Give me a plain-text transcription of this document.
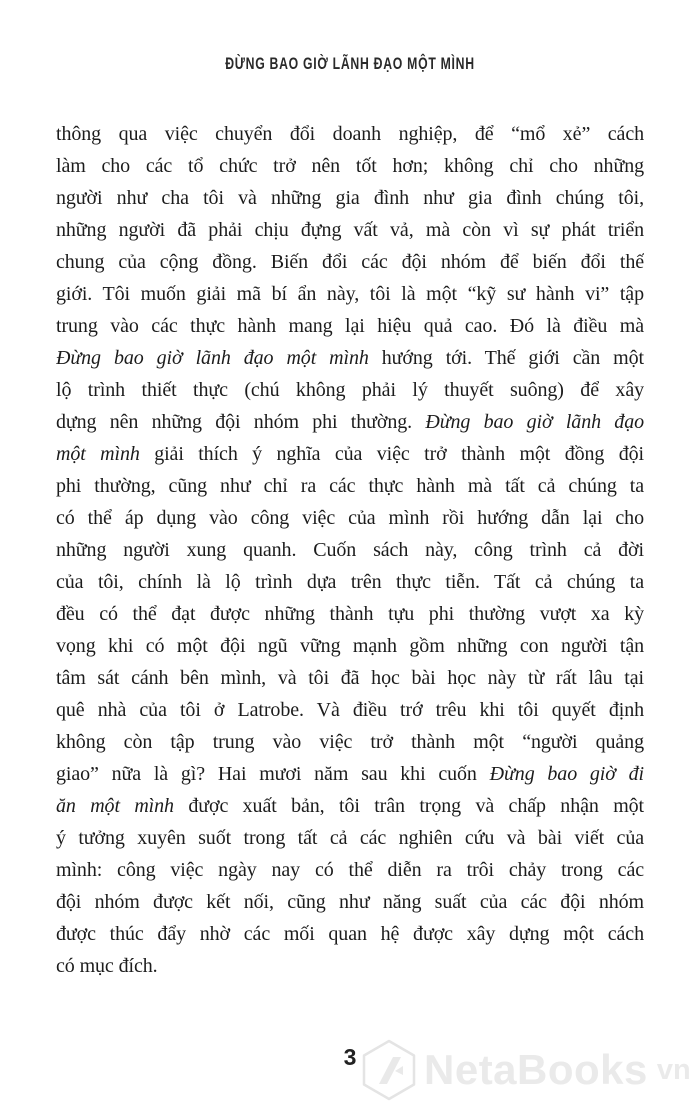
ĐỪNG BAO GIỜ LÃNH ĐẠO MỘT MÌNH
thông qua việc chuyển đổi doanh nghiệp, để “mổ xẻ” cách
làm cho các tổ chức trở nên tốt hơn; không chỉ cho những
người như cha tôi và những gia đình như gia đình chúng tôi,
những người đã phải chịu đựng vất vả, mà còn vì sự phát triển
chung của cộng đồng. Biến đổi các đội nhóm để biến đổi thế
giới. Tôi muốn giải mã bí ẩn này, tôi là một “kỹ sư hành vi” tập
trung vào các thực hành mang lại hiệu quả cao. Đó là điều mà
Đừng bao giờ lãnh đạo một mình hướng tới. Thế giới cần một
lộ trình thiết thực (chú không phải lý thuyết suông) để xây
dựng nên những đội nhóm phi thường. Đừng bao giờ lãnh đạo
một mình giải thích ý nghĩa của việc trở thành một đồng đội
phi thường, cũng như chỉ ra các thực hành mà tất cả chúng ta
có thể áp dụng vào công việc của mình rồi hướng dẫn lại cho
những người xung quanh. Cuốn sách này, công trình cả đời
của tôi, chính là lộ trình dựa trên thực tiễn. Tất cả chúng ta
đều có thể đạt được những thành tựu phi thường vượt xa kỳ
vọng khi có một đội ngũ vững mạnh gồm những con người tận
tâm sát cánh bên mình, và tôi đã học bài học này từ rất lâu tại
quê nhà của tôi ở Latrobe. Và điều trớ trêu khi tôi quyết định
không còn tập trung vào việc trở thành một “người quảng
giao” nữa là gì? Hai mươi năm sau khi cuốn Đừng bao giờ đi
ăn một mình được xuất bản, tôi trân trọng và chấp nhận một
ý tưởng xuyên suốt trong tất cả các nghiên cứu và bài viết của
mình: công việc ngày nay có thể diễn ra trôi chảy trong các
đội nhóm được kết nối, cũng như năng suất của các đội nhóm
được thúc đẩy nhờ các mối quan hệ được xây dựng một cách
có mục đích.
3	NetaBooks vn
